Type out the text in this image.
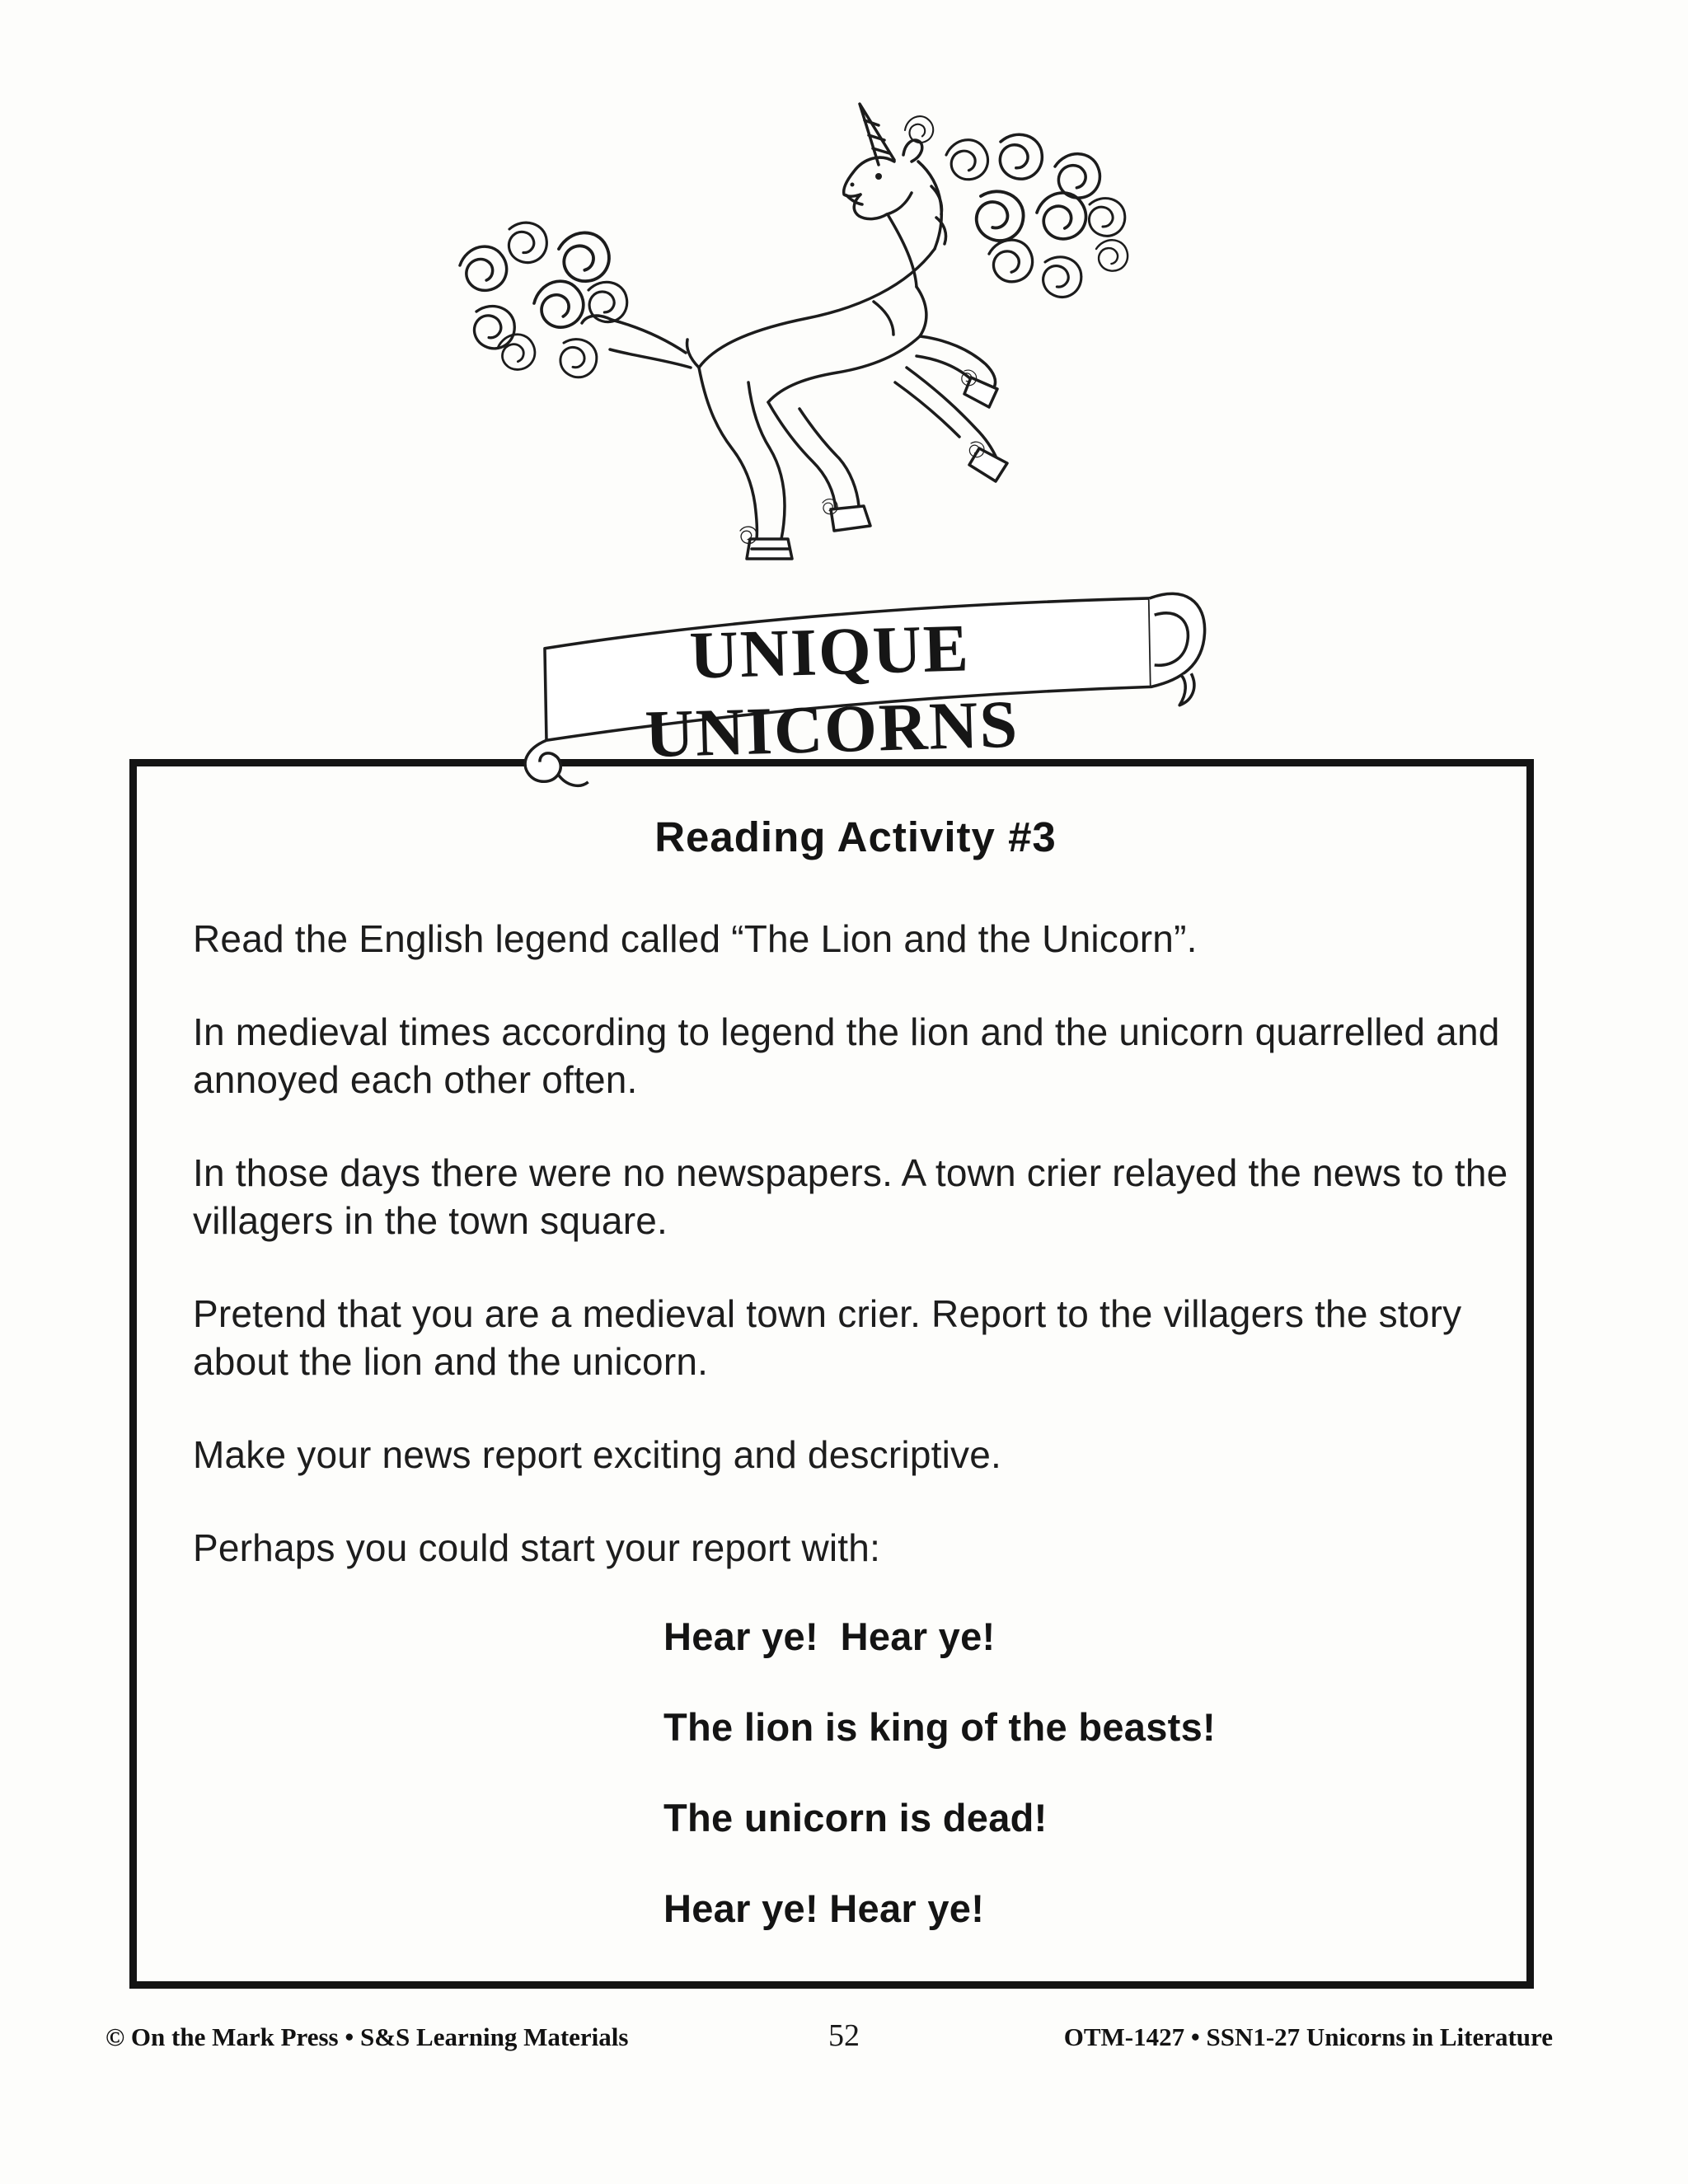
UNIQUE UNICORNS
Reading Activity #3

Read the English legend called “The Lion and the Unicorn”.

In medieval times according to legend the lion and the unicorn quarrelled and annoyed each other often.

In those days there were no newspapers. A town crier relayed the news to the villagers in the town square.

Pretend that you are a medieval town crier. Report to the villagers the story about the lion and the unicorn.

Make your news report exciting and descriptive.

Perhaps you could start your report with:

Hear ye!  Hear ye!

The lion is king of the beasts!

The unicorn is dead!

Hear ye! Hear ye!

© On the Mark Press • S&S Learning Materials	52	OTM-1427 • SSN1-27 Unicorns in Literature
